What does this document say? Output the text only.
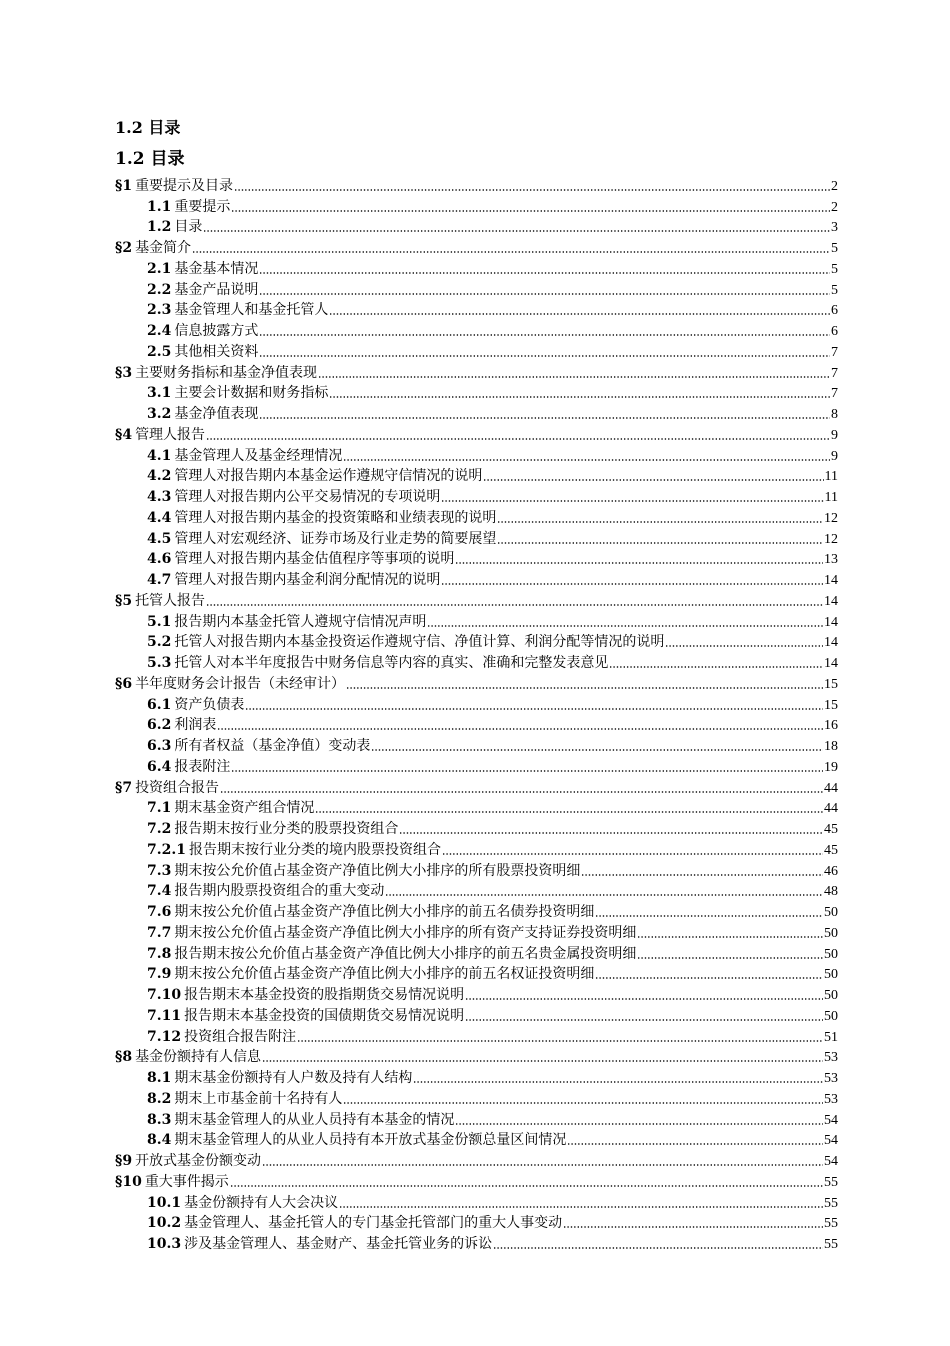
1.2 目录
1.2 目录
§1 重要提示及目录	2
1.1 重要提示	2
1.2 目录	3
§2 基金简介	5
2.1 基金基本情况	5
2.2 基金产品说明	5
2.3 基金管理人和基金托管人	6
2.4 信息披露方式	6
2.5 其他相关资料	7
§3 主要财务指标和基金净值表现	7
3.1 主要会计数据和财务指标	7
3.2 基金净值表现	8
§4 管理人报告	9
4.1 基金管理人及基金经理情况	9
4.2 管理人对报告期内本基金运作遵规守信情况的说明	11
4.3 管理人对报告期内公平交易情况的专项说明	11
4.4 管理人对报告期内基金的投资策略和业绩表现的说明	12
4.5 管理人对宏观经济、证券市场及行业走势的简要展望	12
4.6 管理人对报告期内基金估值程序等事项的说明	13
4.7 管理人对报告期内基金利润分配情况的说明	14
§5 托管人报告	14
5.1 报告期内本基金托管人遵规守信情况声明	14
5.2 托管人对报告期内本基金投资运作遵规守信、净值计算、利润分配等情况的说明	14
5.3 托管人对本半年度报告中财务信息等内容的真实、准确和完整发表意见	14
§6 半年度财务会计报告（未经审计）	15
6.1 资产负债表	15
6.2 利润表	16
6.3 所有者权益（基金净值）变动表	18
6.4 报表附注	19
§7 投资组合报告	44
7.1 期末基金资产组合情况	44
7.2 报告期末按行业分类的股票投资组合	45
7.2.1 报告期末按行业分类的境内股票投资组合	45
7.3 期末按公允价值占基金资产净值比例大小排序的所有股票投资明细	46
7.4 报告期内股票投资组合的重大变动	48
7.6 期末按公允价值占基金资产净值比例大小排序的前五名债券投资明细	50
7.7 期末按公允价值占基金资产净值比例大小排序的所有资产支持证券投资明细	50
7.8 报告期末按公允价值占基金资产净值比例大小排序的前五名贵金属投资明细	50
7.9 期末按公允价值占基金资产净值比例大小排序的前五名权证投资明细	50
7.10 报告期末本基金投资的股指期货交易情况说明	50
7.11 报告期末本基金投资的国债期货交易情况说明	50
7.12 投资组合报告附注	51
§8 基金份额持有人信息	53
8.1 期末基金份额持有人户数及持有人结构	53
8.2 期末上市基金前十名持有人	53
8.3 期末基金管理人的从业人员持有本基金的情况	54
8.4 期末基金管理人的从业人员持有本开放式基金份额总量区间情况	54
§9 开放式基金份额变动	54
§10 重大事件揭示	55
10.1 基金份额持有人大会决议	55
10.2 基金管理人、基金托管人的专门基金托管部门的重大人事变动	55
10.3 涉及基金管理人、基金财产、基金托管业务的诉讼	55
